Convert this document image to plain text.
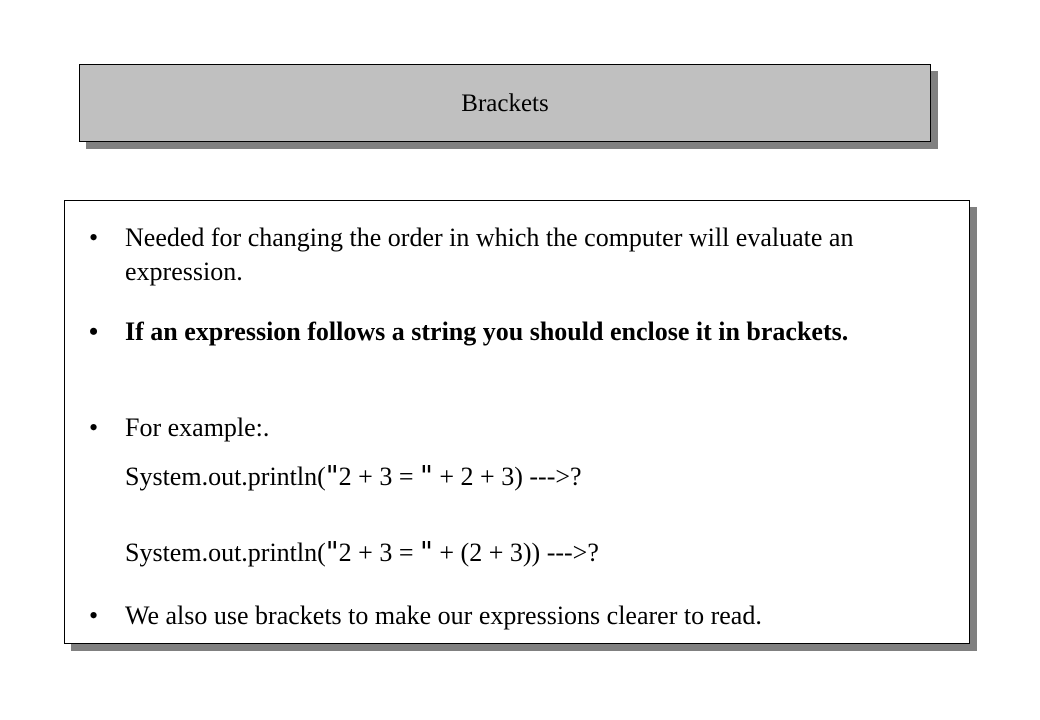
Brackets
• Needed for changing the order in which the computer will evaluate an expression.
• If an expression follows a string you should enclose it in brackets.
• For example:.
System.out.println("2 + 3 = " + 2 + 3) --->?
System.out.println("2 + 3 = " + (2 + 3)) --->?
• We also use brackets to make our expressions clearer to read.
